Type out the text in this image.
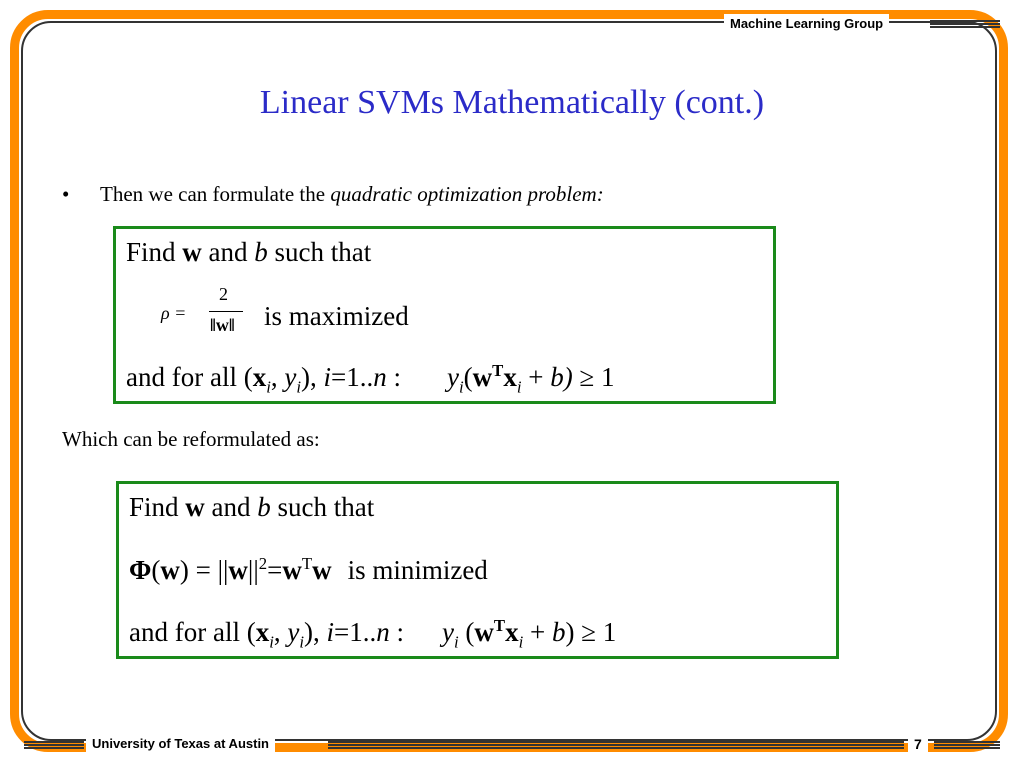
Machine Learning Group
University of Texas at Austin	7
Linear SVMs Mathematically (cont.)
• Then we can formulate the quadratic optimization problem:
Find w and b such that
ρ =
2
‖w‖ is maximized
and for all ($x_i$, $y_i$), i=1..n : $y_i(w^Tx_i + b) \ge 1$
Which can be reformulated as:
Find w and b such that
$\Phi(w) = ||w||^2=w^Tw$ is minimized
and for all ($x_i$, $y_i$), i=1..n : $y_i$ $(w^Tx_i + b) \ge 1$
